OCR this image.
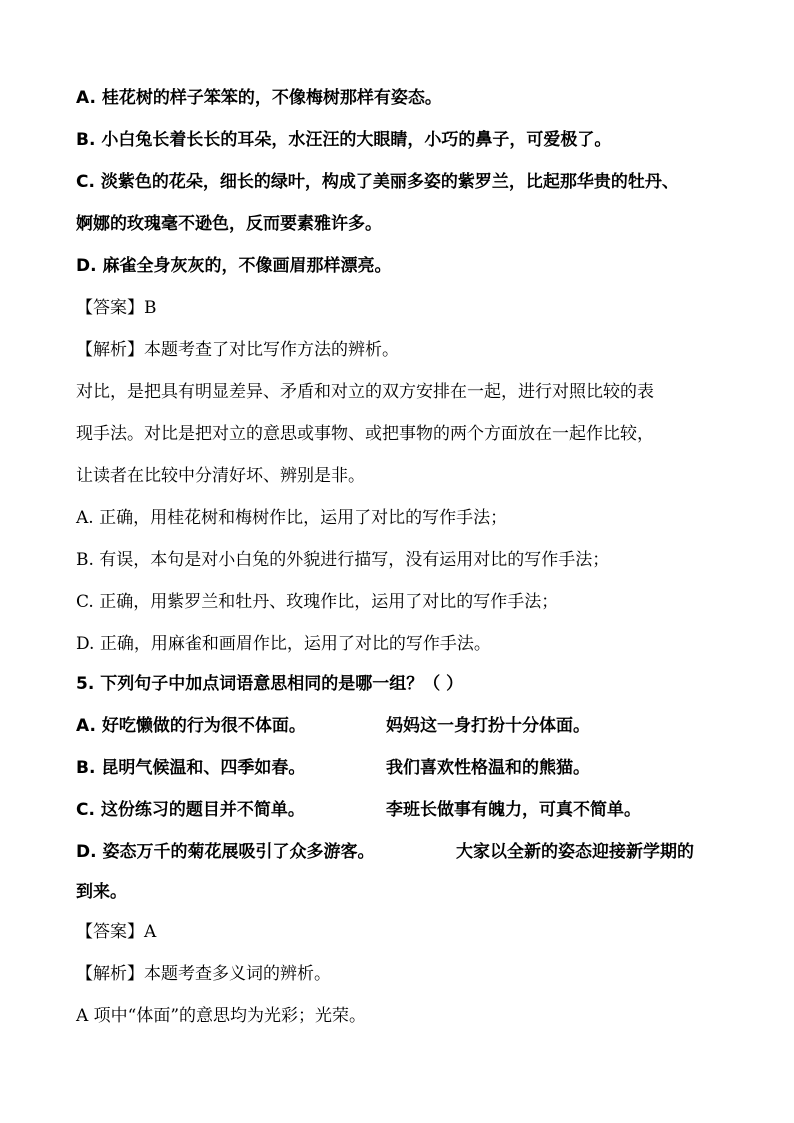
A. 桂花树的样子笨笨的，不像梅树那样有姿态。
B. 小白兔长着长长的耳朵，水汪汪的大眼睛，小巧的鼻子，可爱极了。
C. 淡紫色的花朵，细长的绿叶，构成了美丽多姿的紫罗兰，比起那华贵的牡丹、
婀娜的玫瑰毫不逊色，反而要素雅许多。
D. 麻雀全身灰灰的，不像画眉那样漂亮。
【答案】B
【解析】本题考查了对比写作方法的辨析。
对比，是把具有明显差异、矛盾和对立的双方安排在一起，进行对照比较的表
现手法。对比是把对立的意思或事物、或把事物的两个方面放在一起作比较，
让读者在比较中分清好坏、辨别是非。
A. 正确，用桂花树和梅树作比，运用了对比的写作手法；
B. 有误，本句是对小白兔的外貌进行描写，没有运用对比的写作手法；
C. 正确，用紫罗兰和牡丹、玫瑰作比，运用了对比的写作手法；
D. 正确，用麻雀和画眉作比，运用了对比的写作手法。
5. 下列句子中加点词语意思相同的是哪一组？（ ）
A. 好吃懒做的行为很不体面。	妈妈这一身打扮十分体面。
B. 昆明气候温和、四季如春。	我们喜欢性格温和的熊猫。
C. 这份练习的题目并不简单。	李班长做事有魄力，可真不简单。
D. 姿态万千的菊花展吸引了众多游客。	大家以全新的姿态迎接新学期的
到来。
【答案】A
【解析】本题考查多义词的辨析。
A 项中“体面”的意思均为光彩；光荣。
